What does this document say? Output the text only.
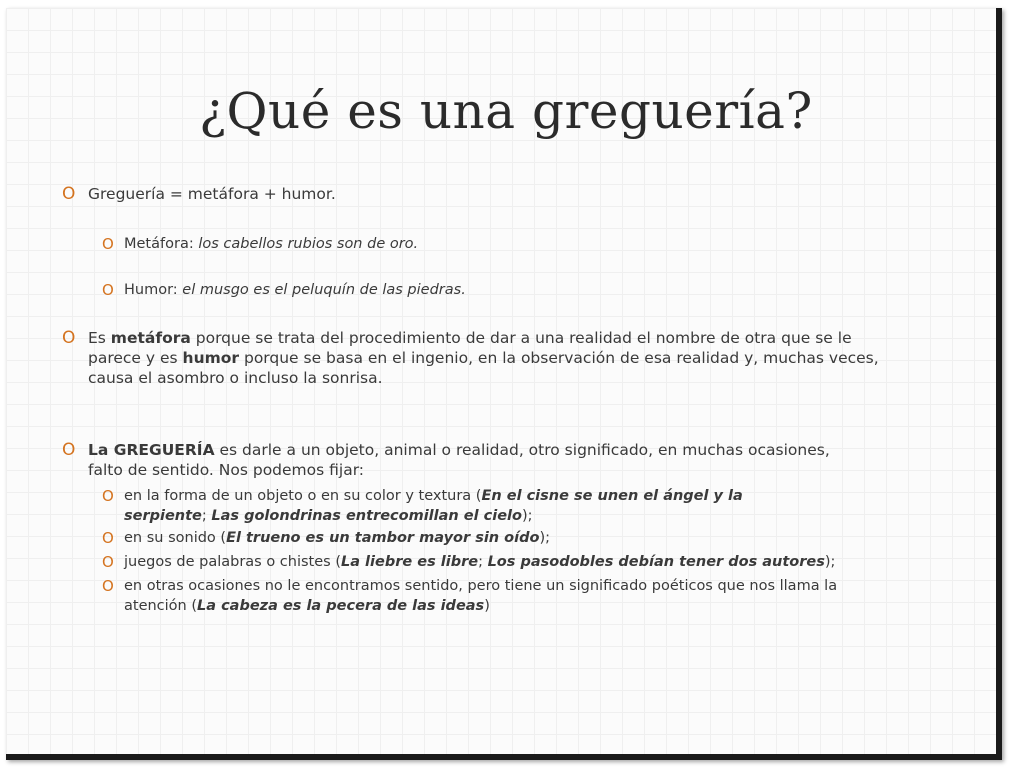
¿Qué es una greguería?
O Greguería = metáfora + humor.
O Metáfora: los cabellos rubios son de oro.
O Humor: el musgo es el peluquín de las piedras.
O Es metáfora porque se trata del procedimiento de dar a una realidad el nombre de otra que se le parece y es humor porque se basa en el ingenio, en la observación de esa realidad y, muchas veces, causa el asombro o incluso la sonrisa.
O La GREGUERÍA es darle a un objeto, animal o realidad, otro significado, en muchas ocasiones, falto de sentido. Nos podemos fijar:
O en la forma de un objeto o en su color y textura (En el cisne se unen el ángel y la serpiente; Las golondrinas entrecomillan el cielo);
O en su sonido (El trueno es un tambor mayor sin oído);
O juegos de palabras o chistes (La liebre es libre; Los pasodobles debían tener dos autores);
O en otras ocasiones no le encontramos sentido, pero tiene un significado poéticos que nos llama la atención (La cabeza es la pecera de las ideas)
